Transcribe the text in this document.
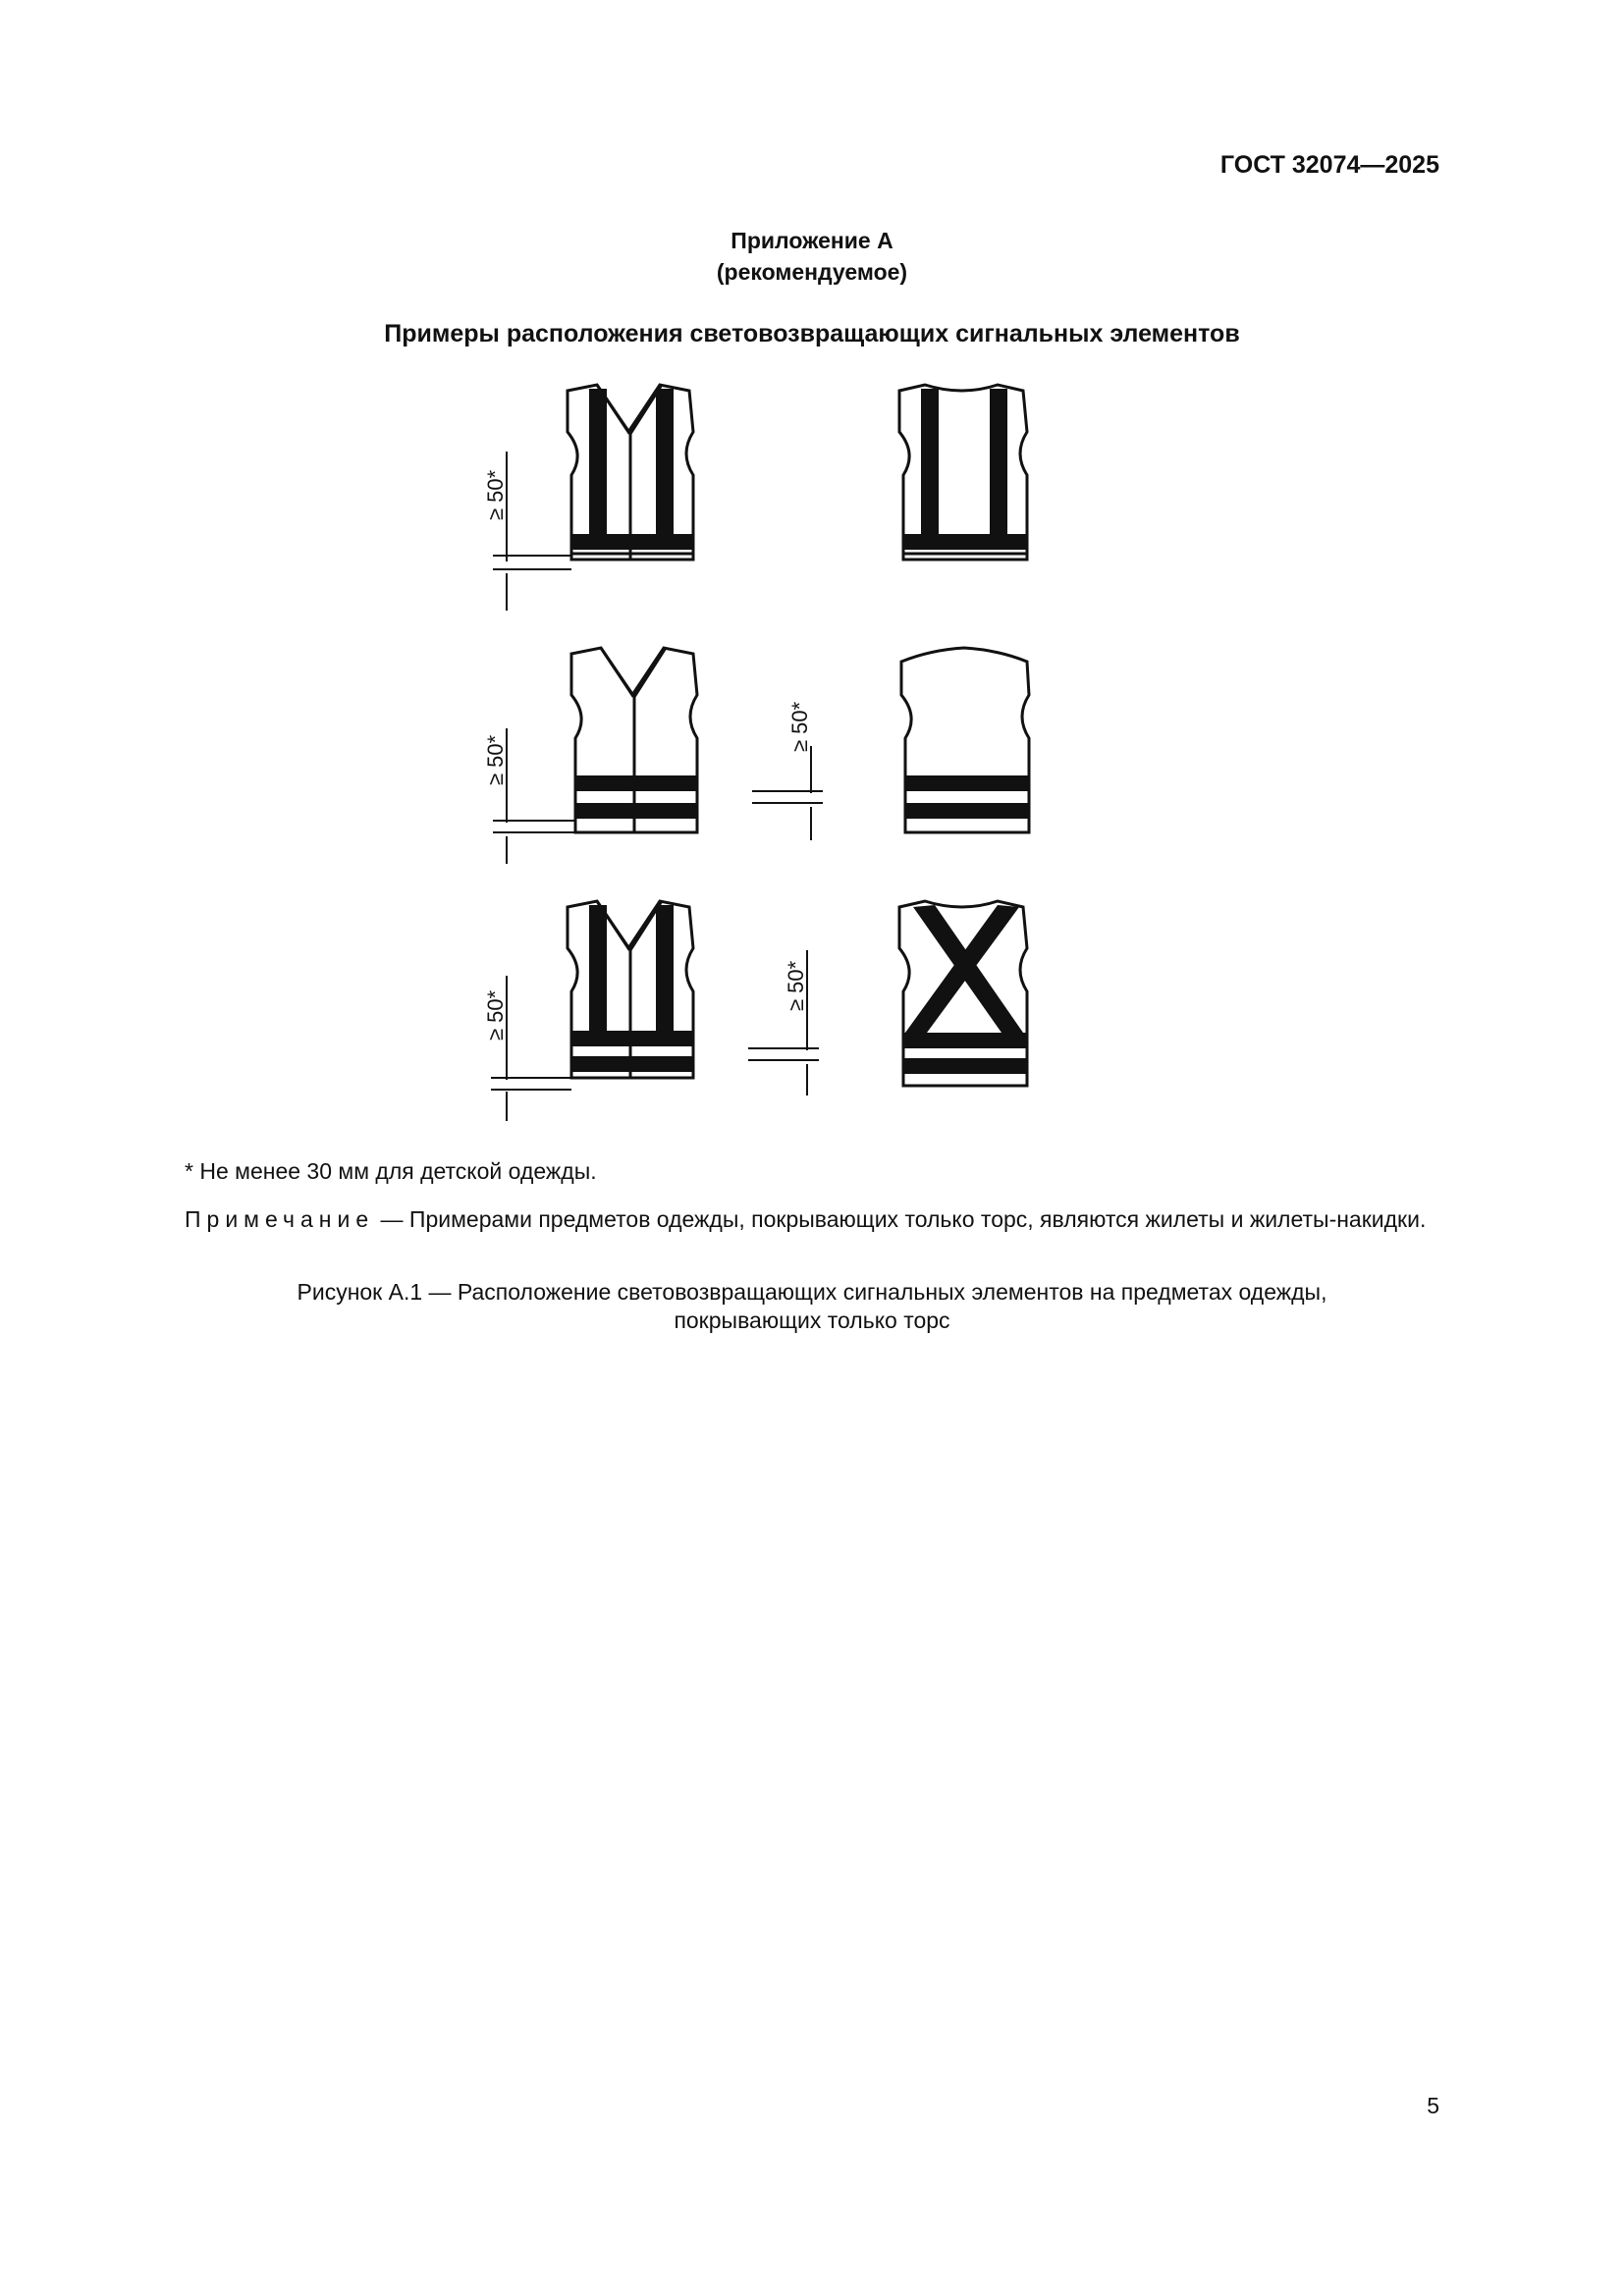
ГОСТ 32074—2025
Приложение А
(рекомендуемое)
Примеры расположения световозвращающих сигнальных элементов
≥ 50*
≥ 50*
≥ 50*
≥ 50*
≥ 50*
* Не менее 30 мм для детской одежды.
Примечание — Примерами предметов одежды, покрывающих только торс, являются жилеты и жилеты-накидки.
Рисунок А.1 — Расположение световозвращающих сигнальных элементов на предметах одежды,
покрывающих только торс
5
